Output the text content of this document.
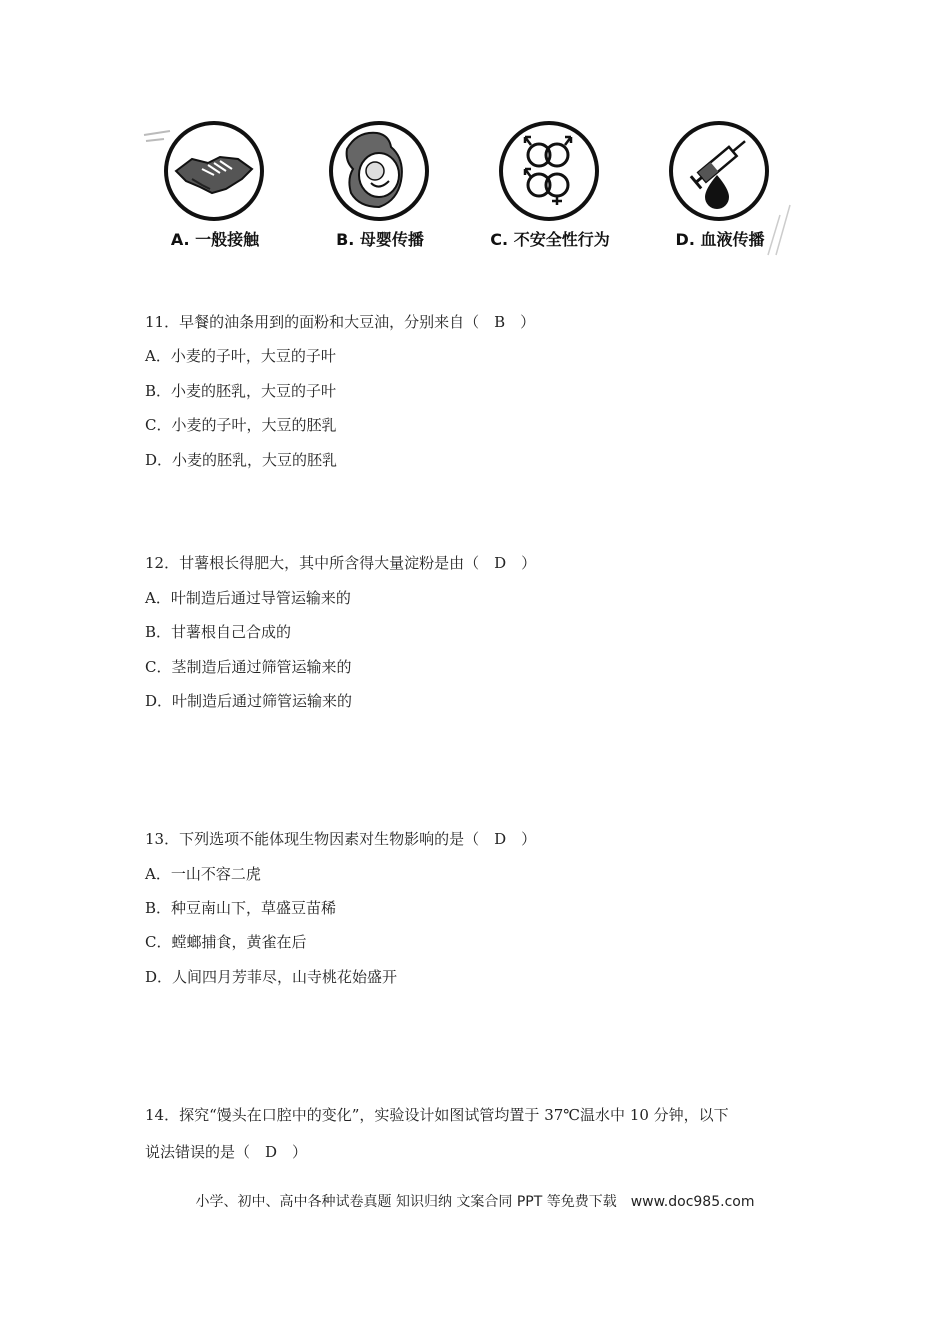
A. 一般接触	B. 母婴传播	C. 不安全性行为	D. 血液传播
11．早餐的油条用到的面粉和大豆油，分别来自（　B　）
A．小麦的子叶，大豆的子叶
B．小麦的胚乳，大豆的子叶
C．小麦的子叶，大豆的胚乳
D．小麦的胚乳，大豆的胚乳
12．甘薯根长得肥大，其中所含得大量淀粉是由（　D　）
A．叶制造后通过导管运输来的
B．甘薯根自己合成的
C．茎制造后通过筛管运输来的
D．叶制造后通过筛管运输来的
13．下列选项不能体现生物因素对生物影响的是（　D　）
A．一山不容二虎
B．种豆南山下，草盛豆苗稀
C．螳螂捕食，黄雀在后
D．人间四月芳菲尽，山寺桃花始盛开
14．探究“馒头在口腔中的变化”，实验设计如图试管均置于 37℃温水中 10 分钟，以下
说法错误的是（　D　）
小学、初中、高中各种试卷真题 知识归纳 文案合同 PPT 等免费下载　www.doc985.com
